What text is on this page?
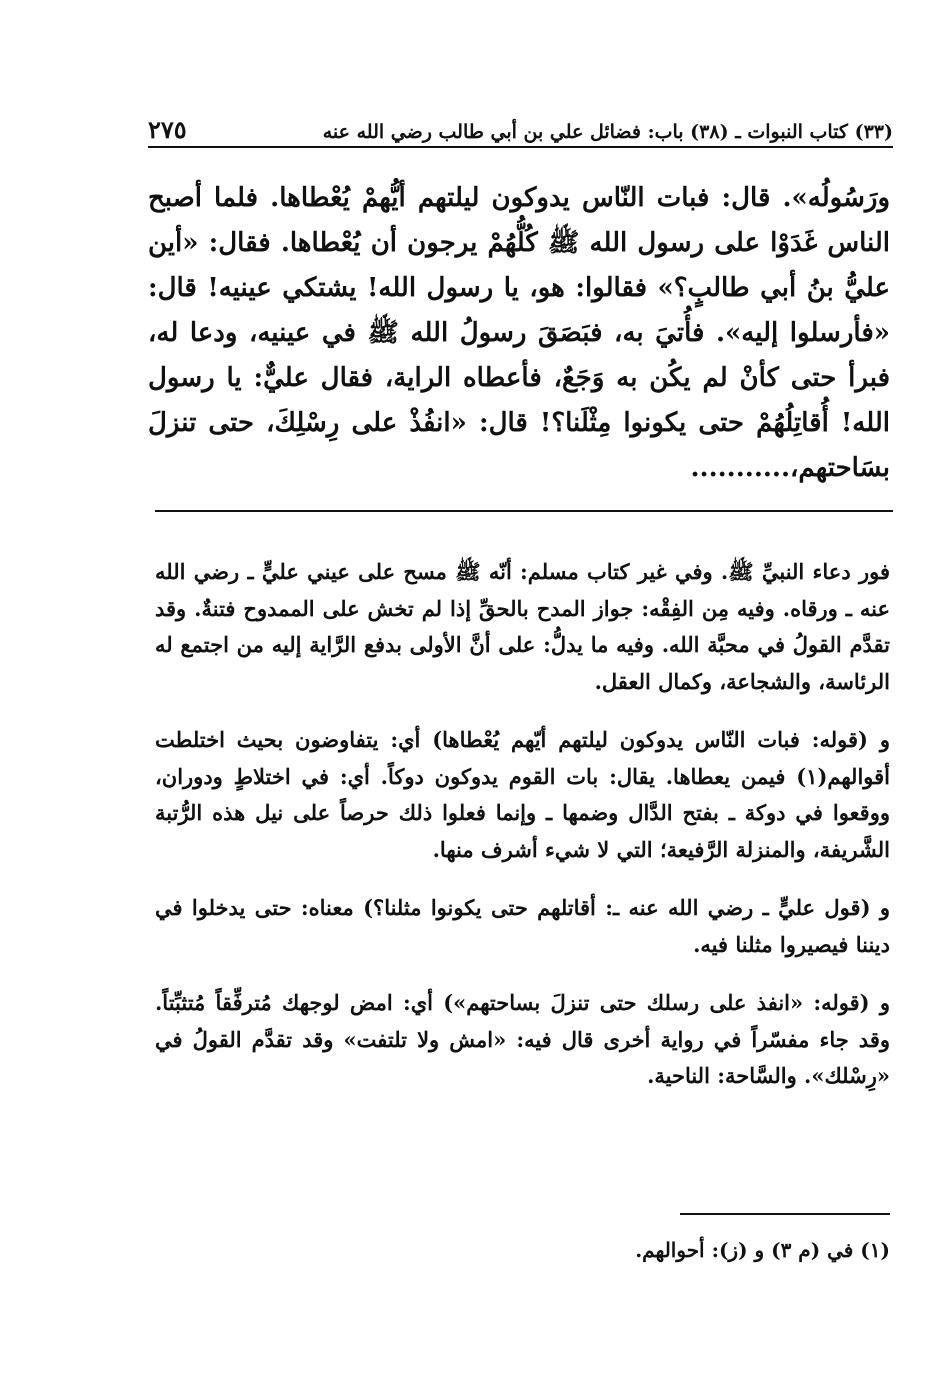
(٣٣) كتاب النبوات ـ (٣٨) باب: فضائل علي بن أبي طالب رضي الله عنه
٢٧٥

ورَسُولُه». قال: فبات النّاس يدوكون ليلتهم أيُّهمْ يُعْطاها. فلما أصبح الناس غَدَوْا على رسول الله ﷺ كُلُّهُمْ يرجون أن يُعْطاها. فقال: «أين عليُّ بنُ أبي طالبٍ؟» فقالوا: هو، يا رسول الله! يشتكي عينيه! قال: «فأرسلوا إليه». فأُتيَ به، فبَصَقَ رسولُ الله ﷺ في عينيه، ودعا له، فبرأ حتى كأنْ لم يكُن به وَجَعٌ، فأعطاه الراية، فقال عليٌّ: يا رسول الله! أُقاتِلُهُمْ حتى يكونوا مِثْلَنا؟! قال: «انفُذْ على رِسْلِكَ، حتى تنزلَ بسَاحتهم،...........

فور دعاء النبيِّ ﷺ. وفي غير كتاب مسلم: أنّه ﷺ مسح على عيني عليٍّ ـ رضي الله عنه ـ ورقاه. وفيه مِن الفِقْه: جواز المدح بالحقِّ إذا لم تخش على الممدوح فتنةٌ. وقد تقدَّم القولُ في محبَّة الله. وفيه ما يدلُّ: على أنَّ الأولى بدفع الرَّاية إليه من اجتمع له الرئاسة، والشجاعة، وكمال العقل.

و (قوله: فبات النّاس يدوكون ليلتهم أيّهم يُعْطاها) أي: يتفاوضون بحيث اختلطت أقوالهم(١) فيمن يعطاها. يقال: بات القوم يدوكون دوكاً. أي: في اختلاطٍ ودوران، ووقعوا في دوكة ـ بفتح الدَّال وضمها ـ وإنما فعلوا ذلك حرصاً على نيل هذه الرُّتبة الشَّريفة، والمنزلة الرَّفيعة؛ التي لا شيء أشرف منها.

و (قول عليٍّ ـ رضي الله عنه ـ: أقاتلهم حتى يكونوا مثلنا؟) معناه: حتى يدخلوا في ديننا فيصيروا مثلنا فيه.

و (قوله: «انفذ على رسلك حتى تنزلَ بساحتهم») أي: امض لوجهك مُترفِّقاً مُتثبِّتاً. وقد جاء مفسّراً في رواية أخرى قال فيه: «امش ولا تلتفت» وقد تقدَّم القولُ في «رِسْلك». والسَّاحة: الناحية.

(١) في (م ٣) و (ز): أحوالهم.
